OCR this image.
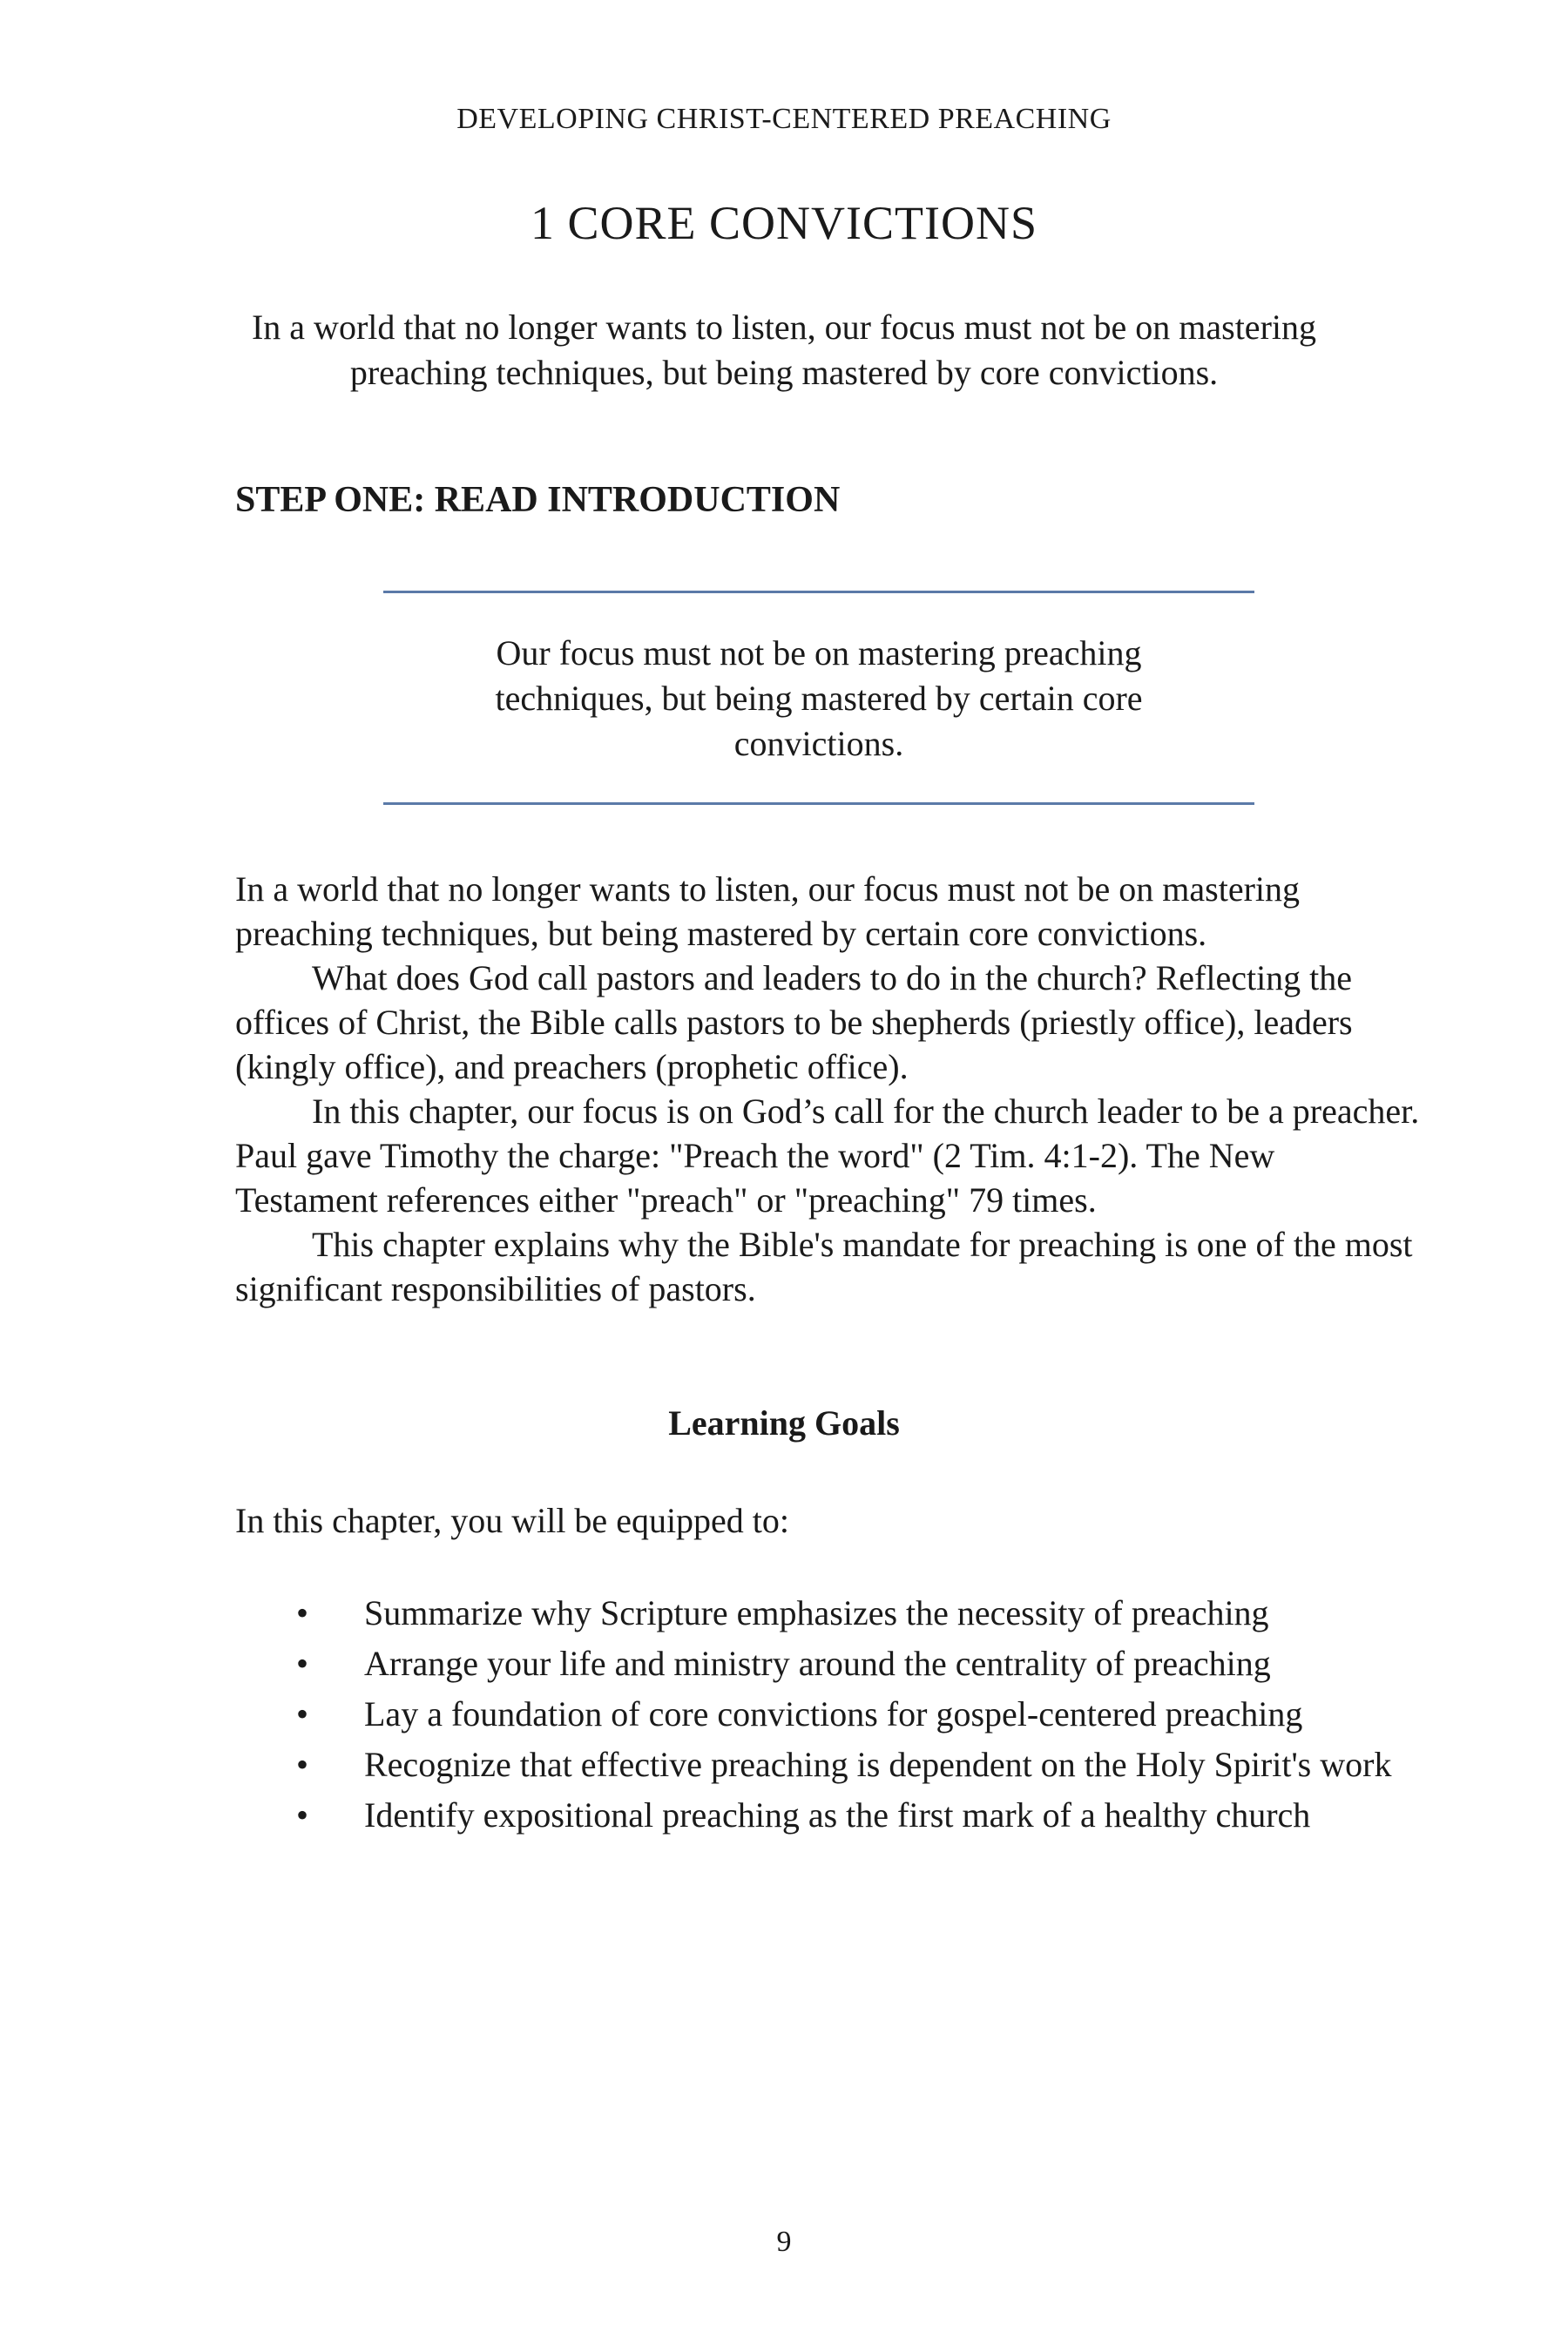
DEVELOPING CHRIST-CENTERED PREACHING
1 CORE CONVICTIONS

In a world that no longer wants to listen, our focus must not be on mastering preaching techniques, but being mastered by core convictions.

STEP ONE: READ INTRODUCTION

Our focus must not be on mastering preaching techniques, but being mastered by certain core convictions.

In a world that no longer wants to listen, our focus must not be on mastering preaching techniques, but being mastered by certain core convictions.

What does God call pastors and leaders to do in the church? Reflecting the offices of Christ, the Bible calls pastors to be shepherds (priestly office), leaders (kingly office), and preachers (prophetic office).

In this chapter, our focus is on God’s call for the church leader to be a preacher. Paul gave Timothy the charge: "Preach the word" (2 Tim. 4:1-2). The New Testament references either "preach" or "preaching" 79 times.

This chapter explains why the Bible's mandate for preaching is one of the most significant responsibilities of pastors.

Learning Goals

In this chapter, you will be equipped to:

• Summarize why Scripture emphasizes the necessity of preaching
• Arrange your life and ministry around the centrality of preaching
• Lay a foundation of core convictions for gospel-centered preaching
• Recognize that effective preaching is dependent on the Holy Spirit's work
• Identify expositional preaching as the first mark of a healthy church
9
